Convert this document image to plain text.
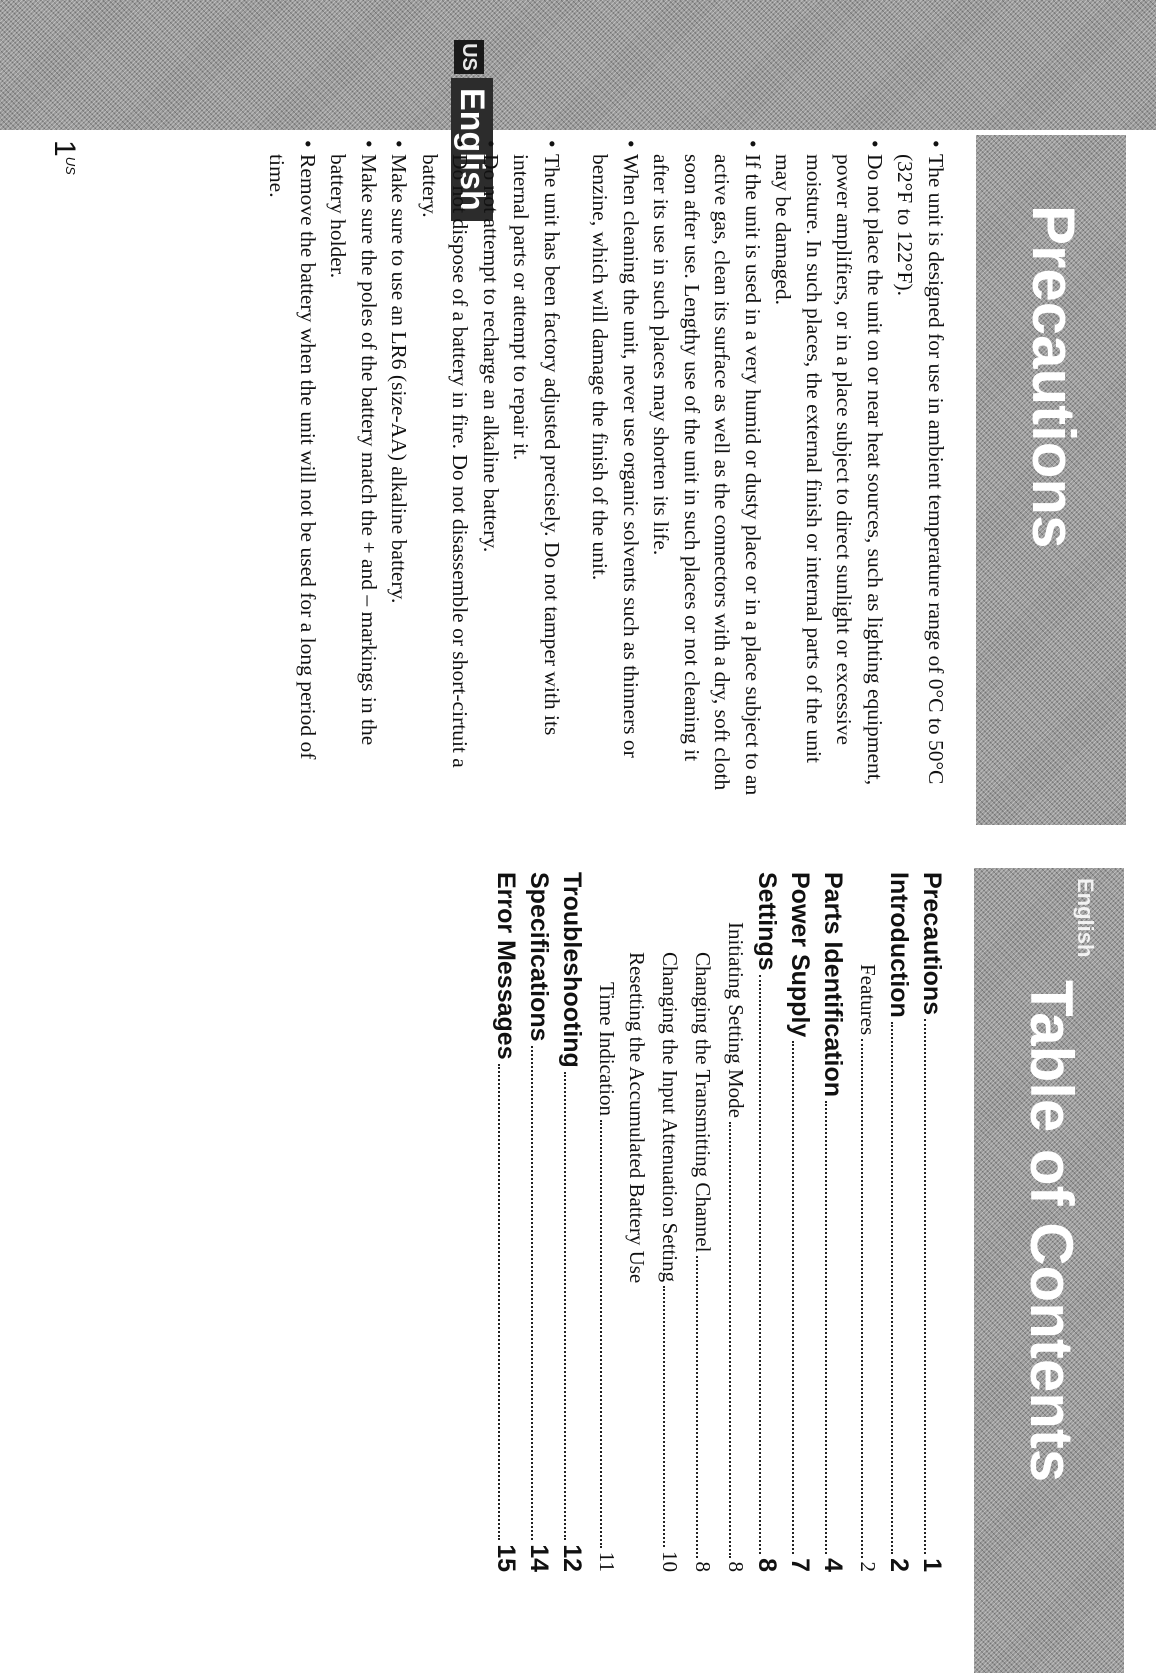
US
English
English
Table of Contents
Precautions
Precautions
1
Introduction
2
Features
2
Parts Identification
4
Power Supply
7
Settings
8
Initiating Setting Mode
8
Changing the Transmitting Channel
8
Changing the Input Attenuation Setting
10
Resetting the Accumulated Battery Use
Time Indication
11
Troubleshooting
12
Specifications
14
Error Messages
15
• The unit is designed for use in ambient temperature range of 0°C to 50°C (32°F to 122°F).
• Do not place the unit on or near heat sources, such as lighting equipment, power amplifiers, or in a place subject to direct sunlight or excessive moisture. In such places, the external finish or internal parts of the unit may be damaged.
• If the unit is used in a very humid or dusty place or in a place subject to an active gas, clean its surface as well as the connectors with a dry, soft cloth soon after use. Lengthy use of the unit in such places or not cleaning it after its use in such places may shorten its life.
• When cleaning the unit, never use organic solvents such as thinners or benzine, which will damage the finish of the unit.
• The unit has been factory adjusted precisely. Do not tamper with its internal parts or attempt to repair it.
• Do not attempt to recharge an alkaline battery.
• Do not dispose of a battery in fire. Do not disassemble or short-cirtuit a battery.
• Make sure to use an LR6 (size-AA) alkaline battery.
• Make sure the poles of the battery match the + and – markings in the battery holder.
• Remove the battery when the unit will not be used for a long period of time.
$1^{US}$
